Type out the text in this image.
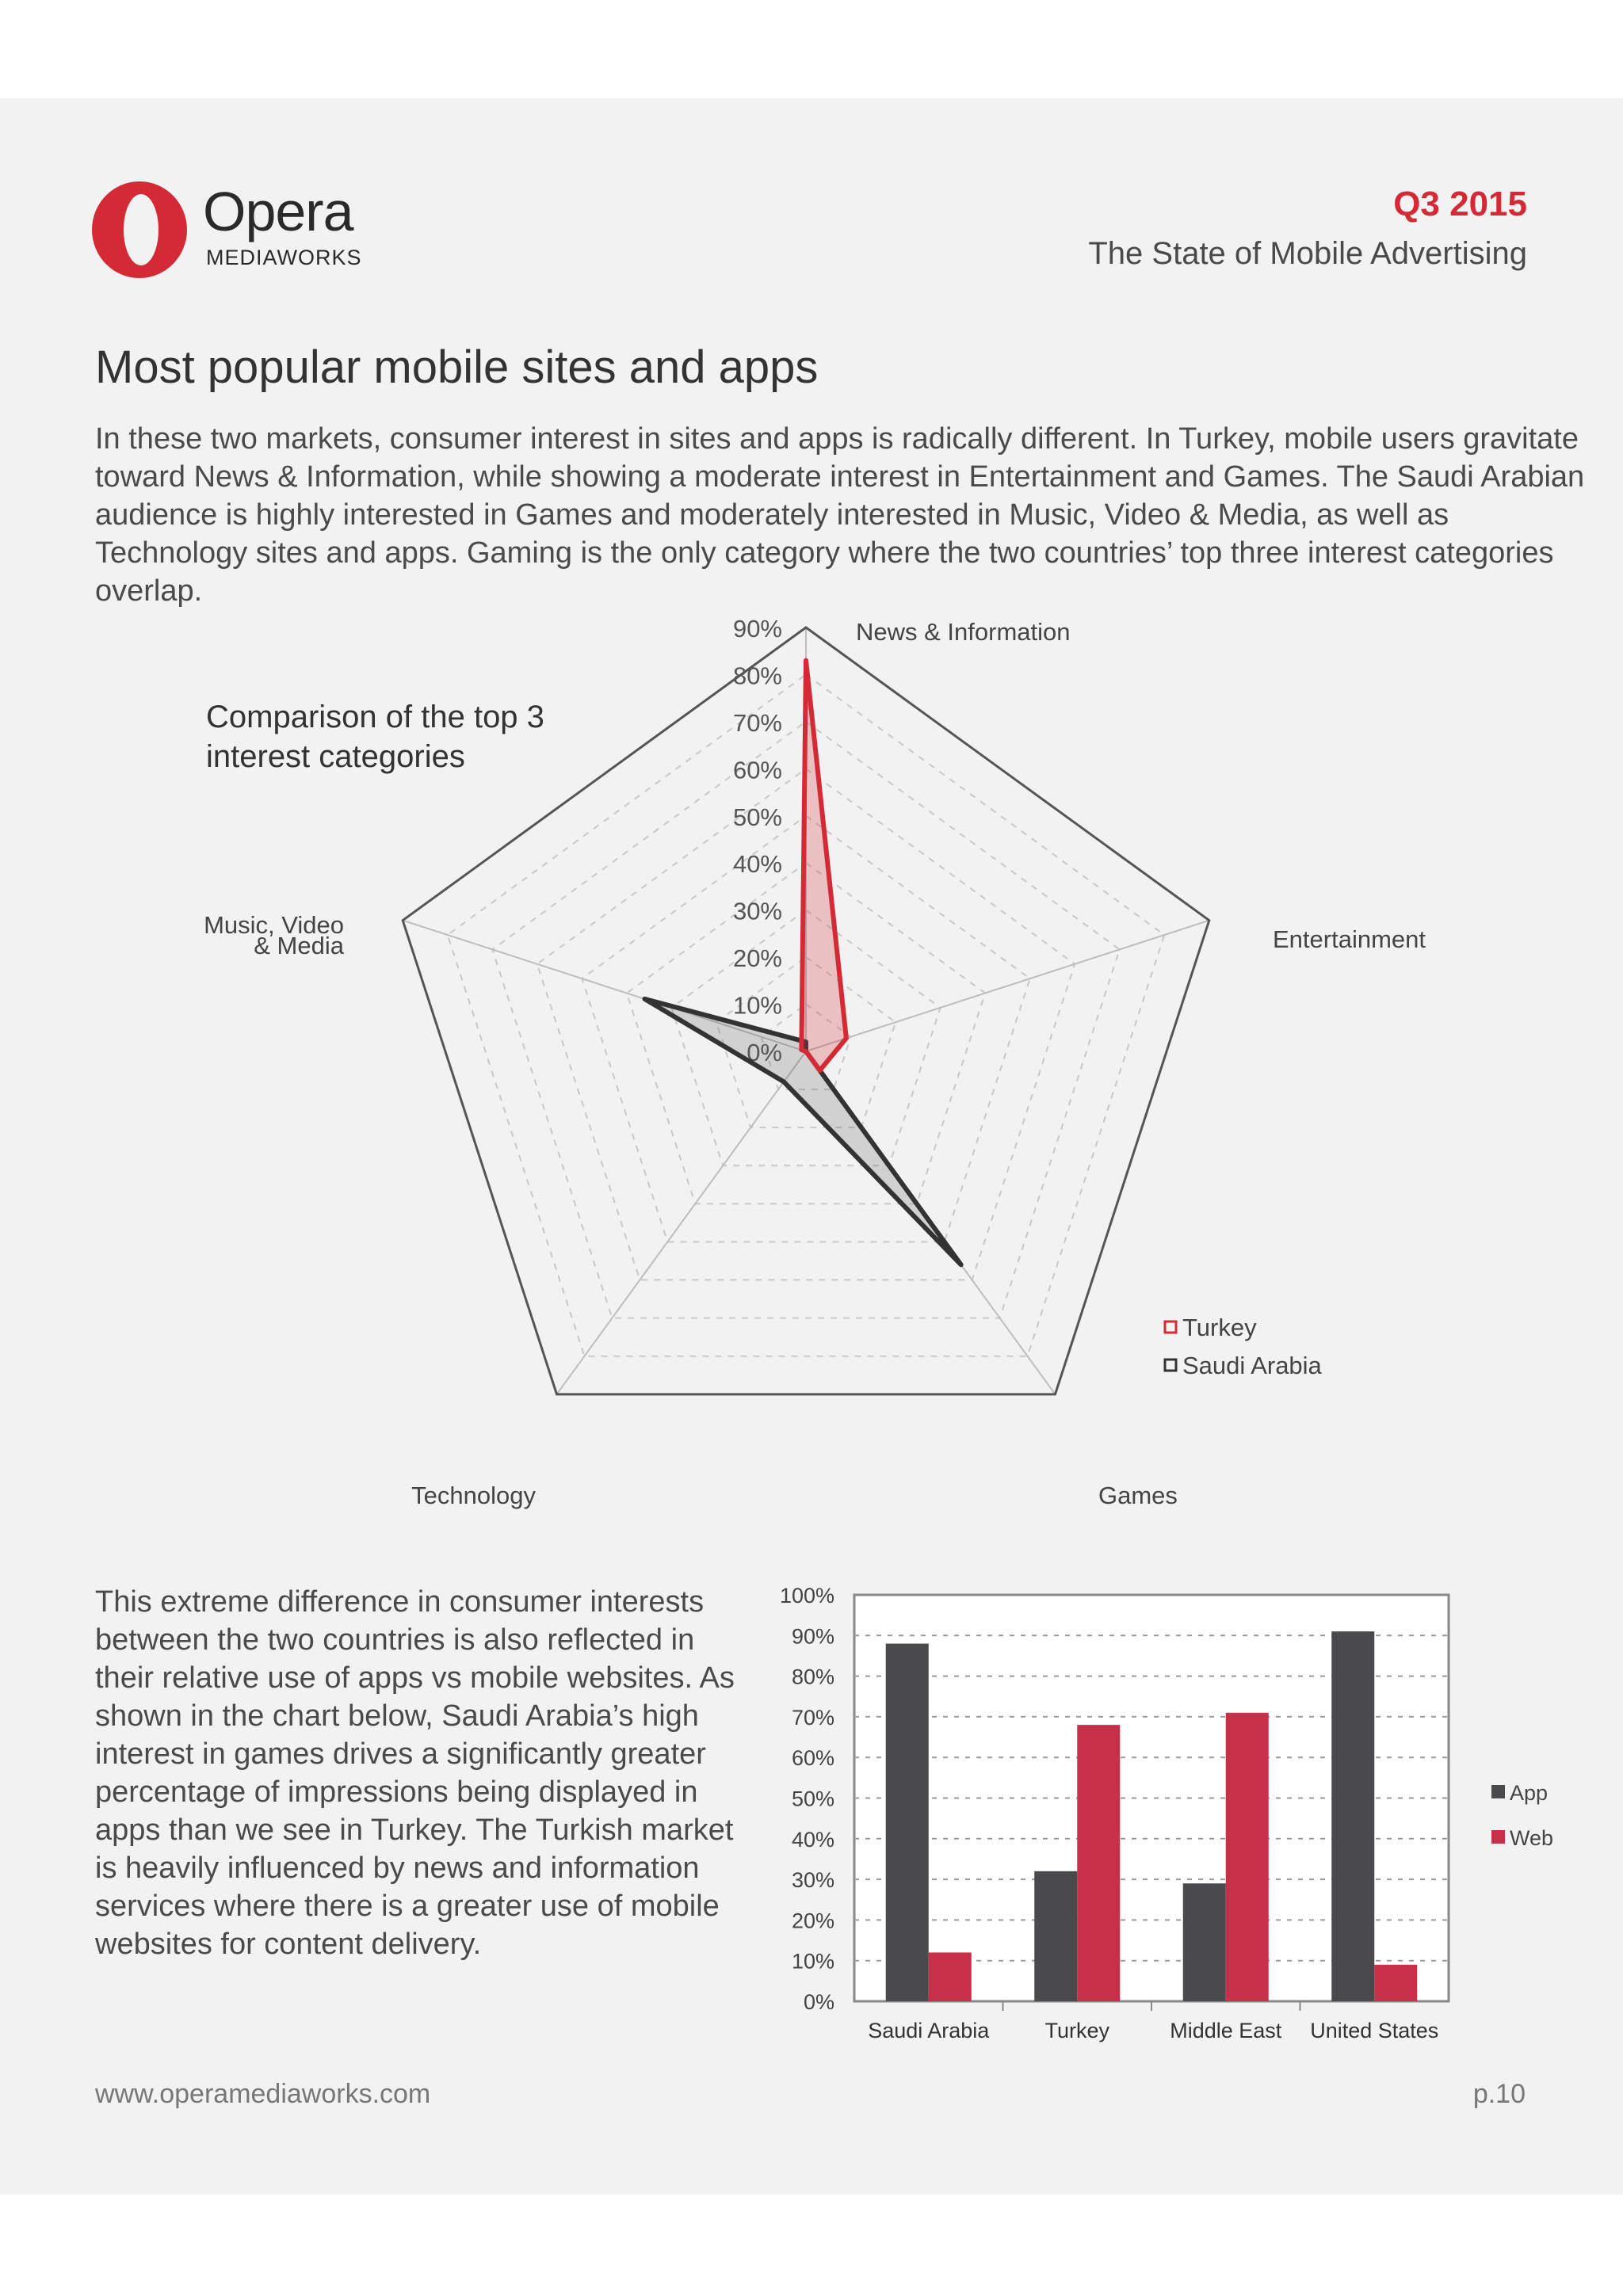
Opera
MEDIAWORKS
Q3 2015
The State of Mobile Advertising
Most popular mobile sites and apps
In these two markets, consumer interest in sites and apps is radically different. In Turkey, mobile users gravitate toward News & Information, while showing a moderate interest in Entertainment and Games. The Saudi Arabian audience is highly interested in Games and moderately interested in Music, Video & Media, as well as Technology sites and apps. Gaming is the only category where the two countries’ top three interest categories overlap.
Comparison of the top 3 interest categories
10%
20%
30%
40%
50%
60%
70%
80%
90%	News & Information
Entertainment
Games
Technology
Music, Video & Media
Turkey
Saudi Arabia
This extreme difference in consumer interests between the two countries is also reflected in their relative use of apps vs mobile websites. As shown in the chart below, Saudi Arabia’s high interest in games drives a significantly greater percentage of impressions being displayed in apps than we see in Turkey. The Turkish market is heavily influenced by news and information services where there is a greater use of mobile websites for content delivery.
0%
10%
20%
30%
40%
50%
60%
70%
80%
90%
100%
Saudi Arabia	Turkey	Middle East United States
App
Web
www.operamediaworks.com	p.10
